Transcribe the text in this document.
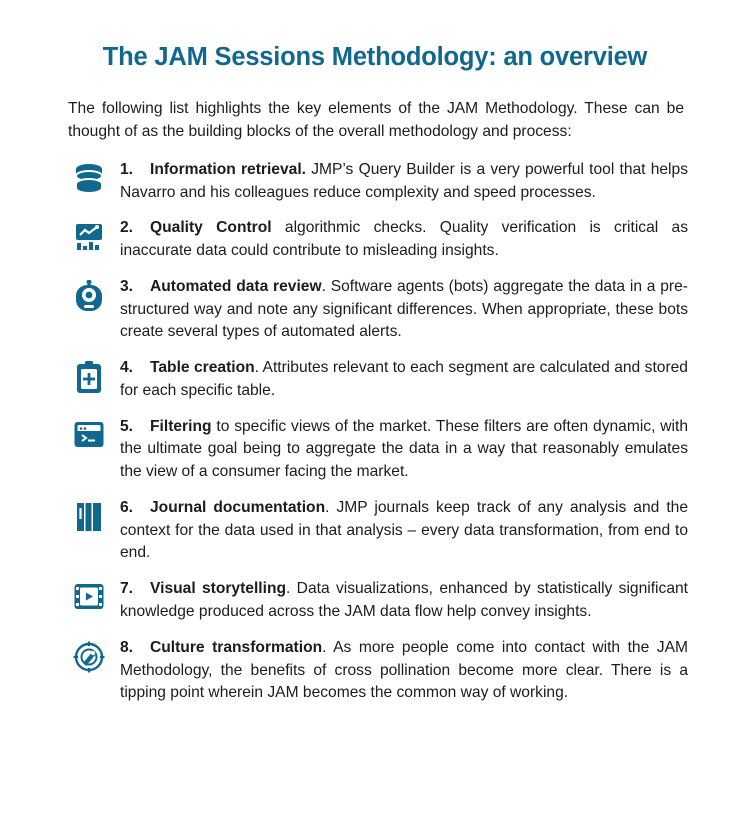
The JAM Sessions Methodology: an overview

The following list highlights the key elements of the JAM Methodology. These can be thought of as the building blocks of the overall methodology and process:

1. Information retrieval. JMP’s Query Builder is a very powerful tool that helps Navarro and his colleagues reduce complexity and speed processes.
2. Quality Control algorithmic checks. Quality verification is critical as inaccurate data could contribute to misleading insights.
3. Automated data review. Software agents (bots) aggregate the data in a pre-structured way and note any significant differences. When appropriate, these bots create several types of automated alerts.
4. Table creation. Attributes relevant to each segment are calculated and stored for each specific table.
5. Filtering to specific views of the market. These filters are often dynamic, with the ultimate goal being to aggregate the data in a way that reasonably emulates the view of a consumer facing the market.
6. Journal documentation. JMP journals keep track of any analysis and the context for the data used in that analysis – every data transformation, from end to end.
7. Visual storytelling. Data visualizations, enhanced by statistically significant knowledge produced across the JAM data flow help convey insights.
8. Culture transformation. As more people come into contact with the JAM Methodology, the benefits of cross pollination become more clear. There is a tipping point wherein JAM becomes the common way of working.
